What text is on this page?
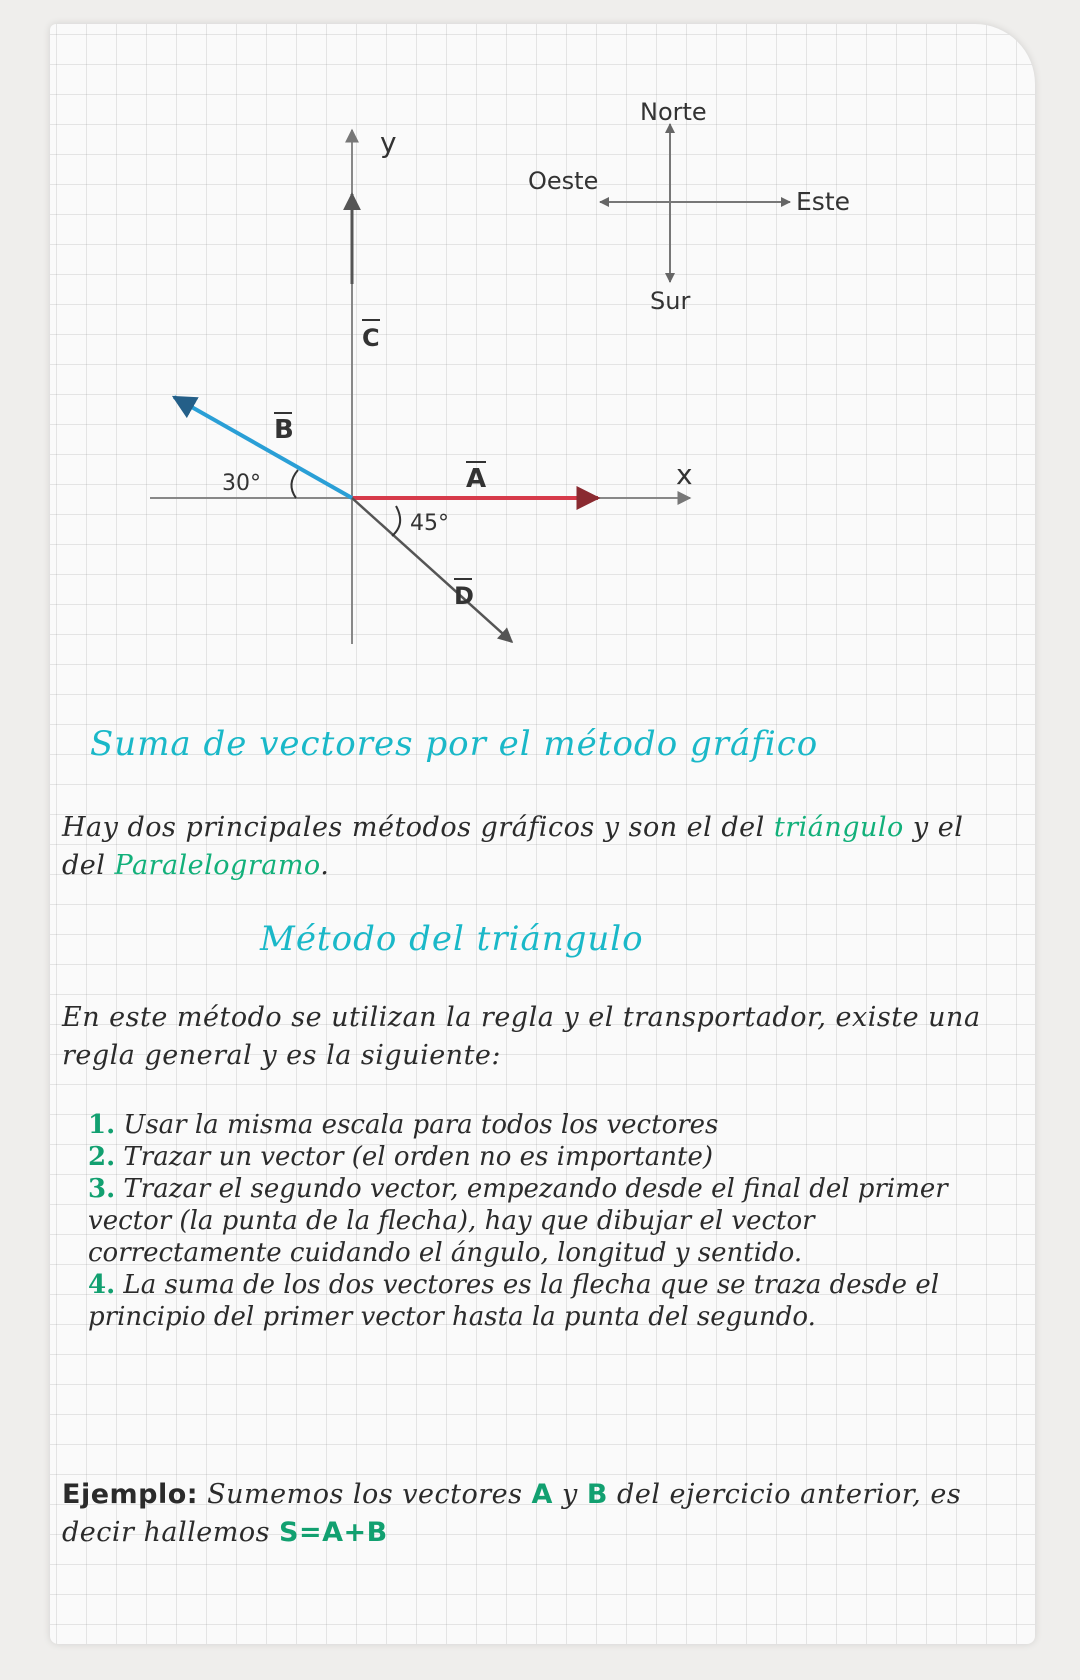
Norte
Sur
Este
Oeste
y
x
C
A
B
30°
D
45°
Suma de vectores por el método gráfico
Hay dos principales métodos gráficos y son el del triángulo y el del Paralelogramo.
Método del triángulo
En este método se utilizan la regla y el transportador, existe una regla general y es la siguiente:

1. Usar la misma escala para todos los vectores

2. Trazar un vector (el orden no es importante)

3. Trazar el segundo vector, empezando desde el final del primer vector (la punta de la flecha), hay que dibujar el vector correctamente cuidando el ángulo, longitud y sentido.

4. La suma de los dos vectores es la flecha que se traza desde el principio del primer vector hasta la punta del segundo.

Ejemplo: Sumemos los vectores A y B del ejercicio anterior, es decir hallemos S=A+B
